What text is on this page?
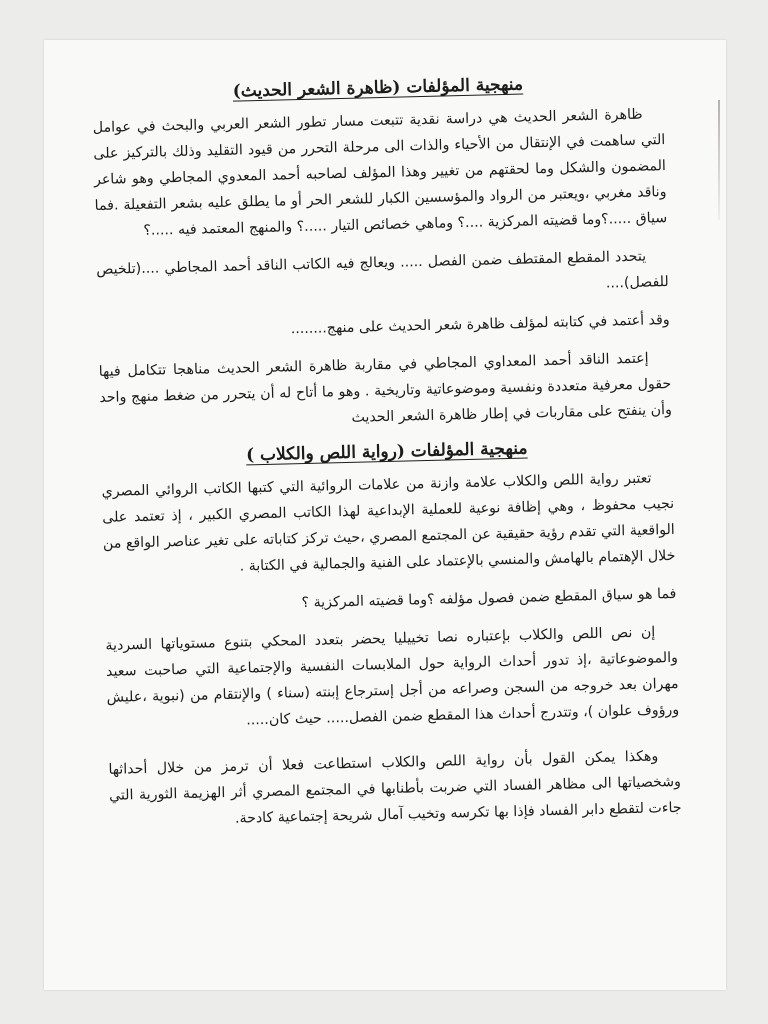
منهجية المؤلفات (ظاهرة الشعر الحديث)

ظاهرة الشعر الحديث هي دراسة نقدية تتبعت مسار تطور الشعر العربي والبحث في عوامل التي ساهمت في الإنتقال من الأحياء والذات الى مرحلة التحرر من قيود التقليد وذلك بالتركيز على المضمون والشكل وما لحقتهم من تغيير وهذا المؤلف لصاحبه أحمد المعدوي المجاطي وهو شاعر وناقد مغربي ،ويعتبر من الرواد والمؤسسين الكبار للشعر الحر أو ما يطلق عليه بشعر التفعيلة .فما سياق .....؟وما قضيته المركزية ....؟ وماهي خصائص التيار .....؟ والمنهج المعتمد فيه .....؟

يتحدد المقطع المقتطف ضمن الفصل ..... ويعالج فيه الكاتب الناقد أحمد المجاطي ....(تلخيص للفصل)....

وقد أعتمد في كتابته لمؤلف ظاهرة شعر الحديث على منهج........

إعتمد الناقد أحمد المعداوي المجاطي في مقاربة ظاهرة الشعر الحديث مناهجا تتكامل فيها حقول معرفية متعددة ونفسية وموضوعاتية وتاريخية . وهو ما أتاح له أن يتحرر من ضغط منهج واحد وأن ينفتح على مقاربات في إطار ظاهرة الشعر الحديث

منهجية المؤلفات (رواية اللص والكلاب )

تعتبر رواية اللص والكلاب علامة وازنة من علامات الروائية التي كتبها الكاتب الروائي المصري نجيب محفوظ ، وهي إظافة نوعية للعملية الإبداعية لهذا الكاتب المصري الكبير ، إذ تعتمد على الواقعية التي تقدم رؤية حقيقية عن المجتمع المصري ،حيث تركز كتاباته على تغير عناصر الواقع من خلال الإهتمام بالهامش والمنسي بالإعتماد على الفنية والجمالية في الكتابة .

فما هو سياق المقطع ضمن فصول مؤلفه ؟وما قضيته المركزية ؟

إن نص اللص والكلاب بإعتباره نصا تخييليا يحضر بتعدد المحكي بتنوع مستوياتها السردية والموضوعاتية ،إذ تدور أحداث الرواية حول الملابسات النفسية والإجتماعية التي صاحبت سعيد مهران بعد خروجه من السجن وصراعه من أجل إسترجاع إبنته (سناء ) والإنتقام من (نبوية ،عليش ورؤوف علوان )، وتتدرج أحداث هذا المقطع ضمن الفصل..... حيث كان.....

وهكذا يمكن القول بأن رواية اللص والكلاب استطاعت فعلا أن ترمز من خلال أحداثها وشخصياتها الى مظاهر الفساد التي ضربت بأطنابها في المجتمع المصري أثر الهزيمة الثورية التي جاءت لتقطع دابر الفساد فإذا بها تكرسه وتخيب آمال شريحة إجتماعية كادحة.
